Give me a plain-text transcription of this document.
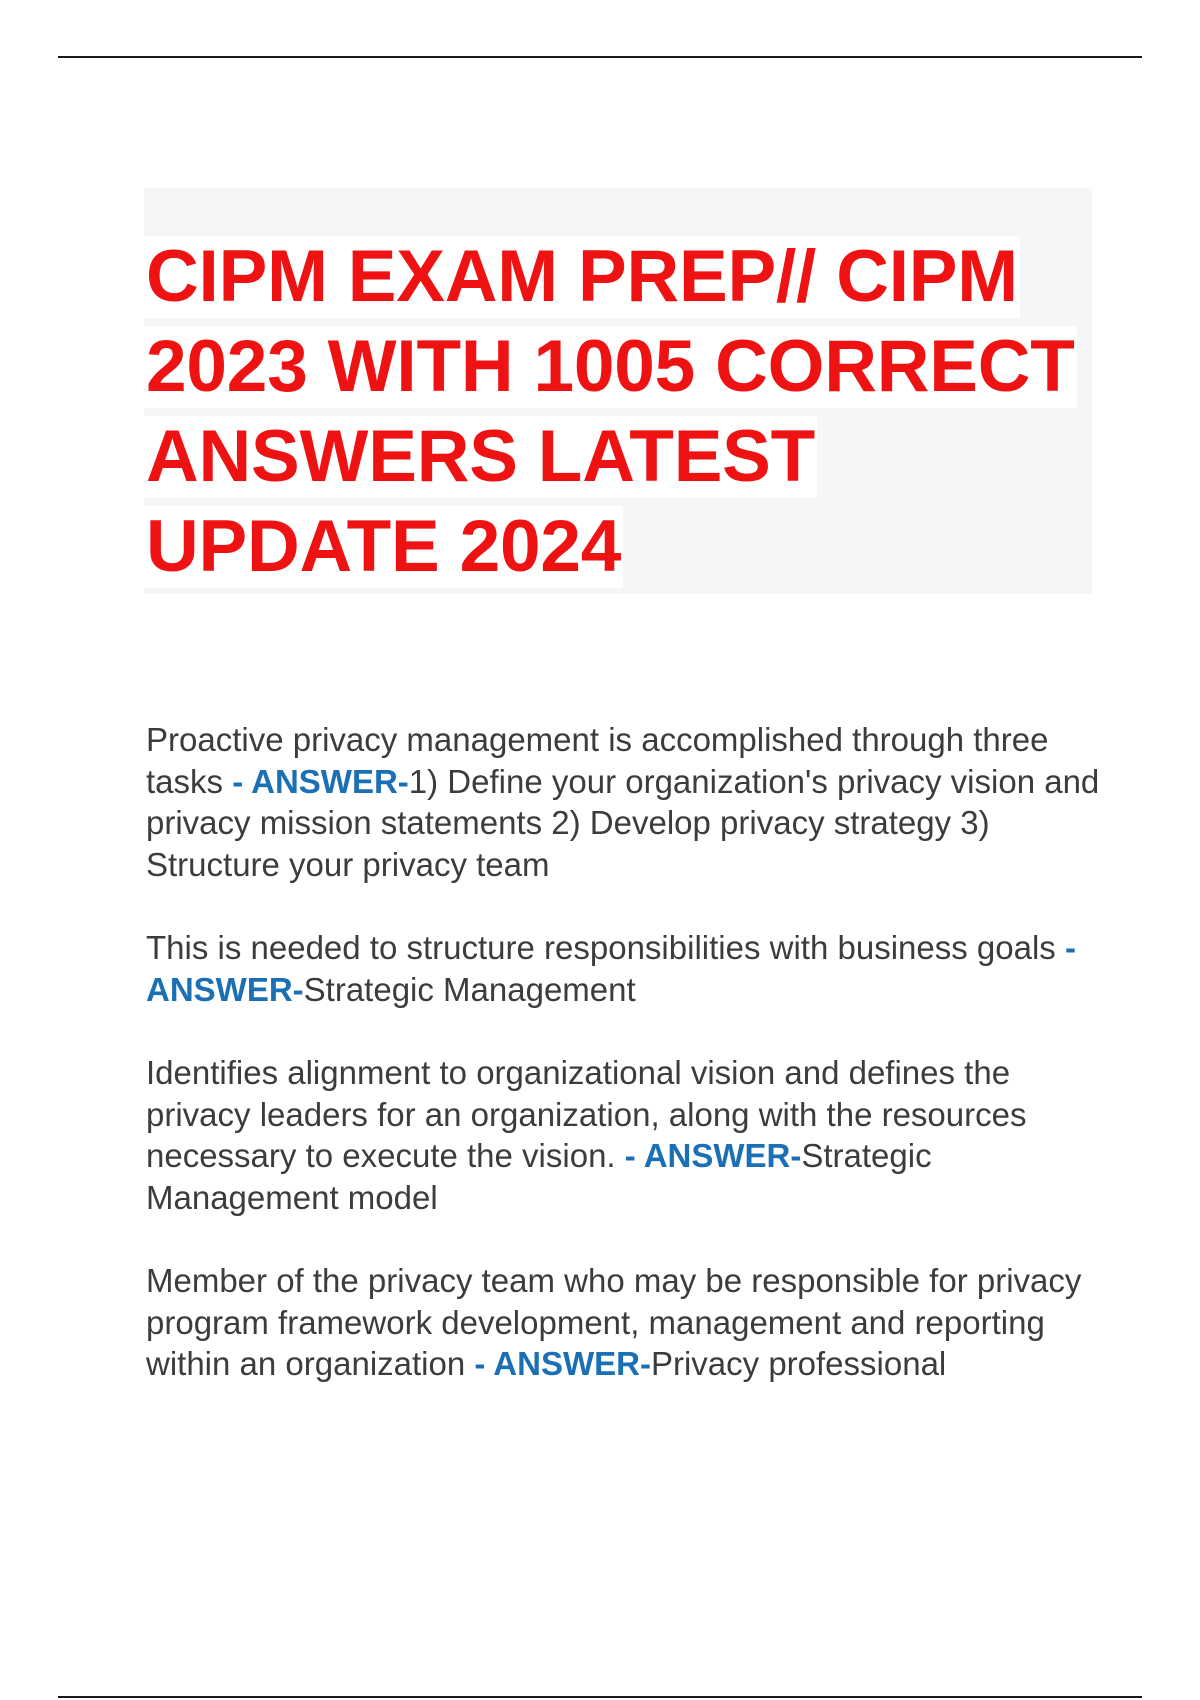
CIPM EXAM PREP// CIPM
2023 WITH 1005 CORRECT
ANSWERS LATEST
UPDATE 2024

Proactive privacy management is accomplished through three tasks - ANSWER-1) Define your organization's privacy vision and privacy mission statements 2) Develop privacy strategy 3) Structure your privacy team

This is needed to structure responsibilities with business goals - ANSWER-Strategic Management

Identifies alignment to organizational vision and defines the privacy leaders for an organization, along with the resources necessary to execute the vision. - ANSWER-Strategic Management model

Member of the privacy team who may be responsible for privacy program framework development, management and reporting within an organization - ANSWER-Privacy professional
